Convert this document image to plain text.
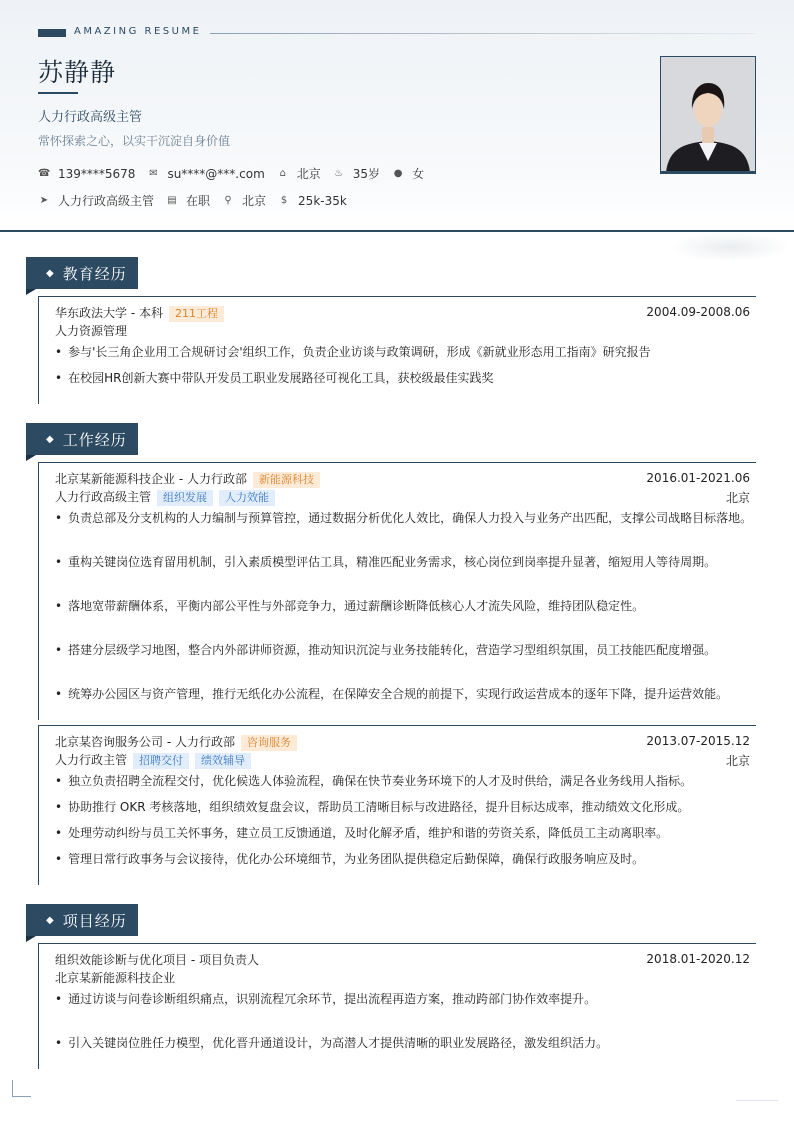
AMAZING RESUME
苏静静
人力行政高级主管
常怀探索之心，以实干沉淀自身价值
☎ 139****5678 ✉ su****@***.com ⌂ 北京 ♨ 35岁 ● 女
➤ 人力行政高级主管 ▤ 在职 ⚲ 北京 $ 25k-35k
◆ 教育经历
华东政法大学 - 本科 211工程	2004.09-2008.06
人力资源管理
• 参与'长三角企业用工合规研讨会'组织工作，负责企业访谈与政策调研，形成《新就业形态用工指南》研究报告
• 在校园HR创新大赛中带队开发员工职业发展路径可视化工具，获校级最佳实践奖
◆ 工作经历
北京某新能源科技企业 - 人力行政部 新能源科技	2016.01-2021.06
人力行政高级主管 组织发展 人力效能	北京
• 负责总部及分支机构的人力编制与预算管控，通过数据分析优化人效比，确保人力投入与业务产出匹配，支撑公司战略目标落地。
• 重构关键岗位选育留用机制，引入素质模型评估工具，精准匹配业务需求，核心岗位到岗率提升显著，缩短用人等待周期。
• 落地宽带薪酬体系，平衡内部公平性与外部竞争力，通过薪酬诊断降低核心人才流失风险，维持团队稳定性。
• 搭建分层级学习地图，整合内外部讲师资源，推动知识沉淀与业务技能转化，营造学习型组织氛围，员工技能匹配度增强。
• 统筹办公园区与资产管理，推行无纸化办公流程，在保障安全合规的前提下，实现行政运营成本的逐年下降，提升运营效能。
北京某咨询服务公司 - 人力行政部 咨询服务	2013.07-2015.12
人力行政主管 招聘交付 绩效辅导	北京
• 独立负责招聘全流程交付，优化候选人体验流程，确保在快节奏业务环境下的人才及时供给，满足各业务线用人指标。
• 协助推行 OKR 考核落地，组织绩效复盘会议，帮助员工清晰目标与改进路径，提升目标达成率，推动绩效文化形成。
• 处理劳动纠纷与员工关怀事务，建立员工反馈通道，及时化解矛盾，维护和谐的劳资关系，降低员工主动离职率。
• 管理日常行政事务与会议接待，优化办公环境细节，为业务团队提供稳定后勤保障，确保行政服务响应及时。
◆ 项目经历
组织效能诊断与优化项目 - 项目负责人	2018.01-2020.12
北京某新能源科技企业
• 通过访谈与问卷诊断组织痛点，识别流程冗余环节，提出流程再造方案，推动跨部门协作效率提升。
• 引入关键岗位胜任力模型，优化晋升通道设计，为高潜人才提供清晰的职业发展路径，激发组织活力。
